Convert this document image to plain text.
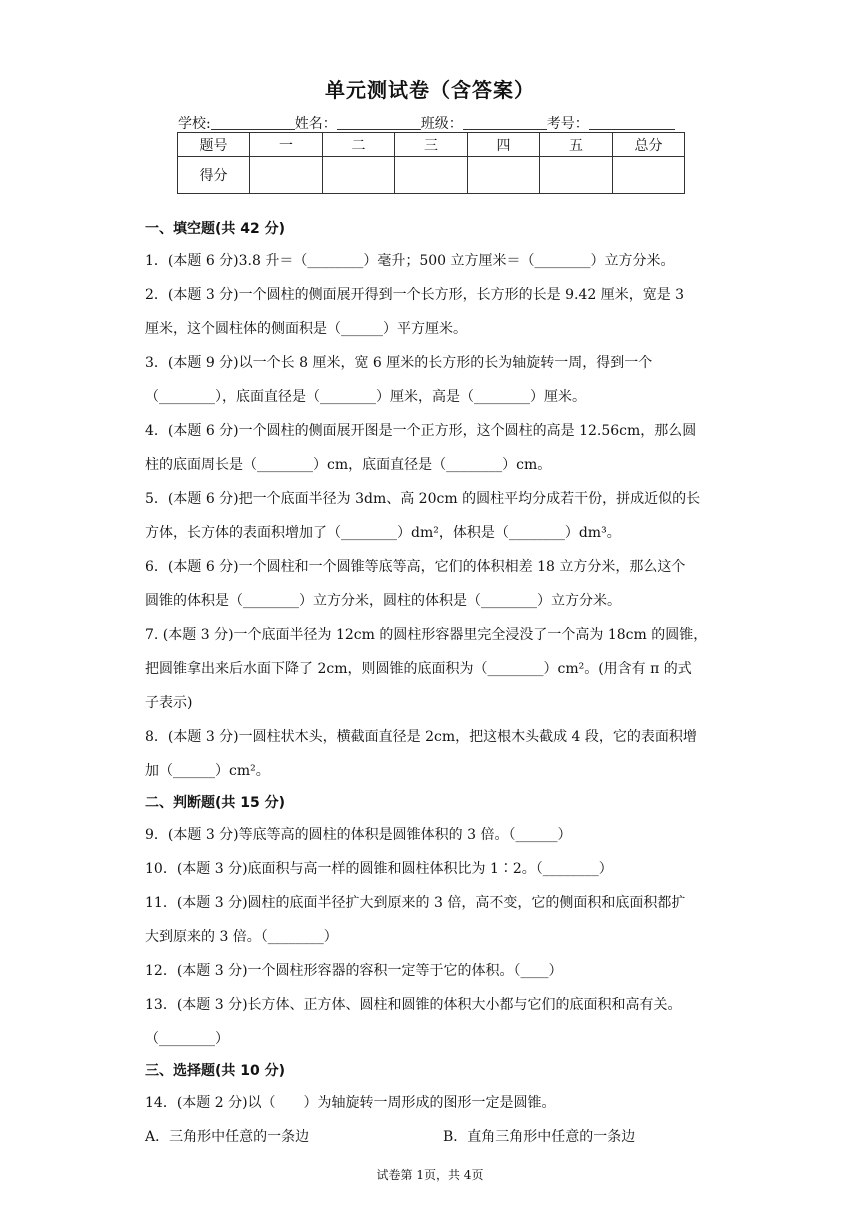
单元测试卷（含答案）
学校:	姓名：	班级：	考号：
题号	一	二	三	四	五	总分
得分						
一、填空题(共 42 分)
1．(本题 6 分)3.8 升＝（________）毫升；500 立方厘米＝（________）立方分米。
2．(本题 3 分)一个圆柱的侧面展开得到一个长方形，长方形的长是 9.42 厘米，宽是 3
厘米，这个圆柱体的侧面积是（______）平方厘米。
3．(本题 9 分)以一个长 8 厘米，宽 6 厘米的长方形的长为轴旋转一周，得到一个
（________），底面直径是（________）厘米，高是（________）厘米。
4．(本题 6 分)一个圆柱的侧面展开图是一个正方形，这个圆柱的高是 12.56cm，那么圆
柱的底面周长是（________）cm，底面直径是（________）cm。
5．(本题 6 分)把一个底面半径为 3dm、高 20cm 的圆柱平均分成若干份，拼成近似的长
方体，长方体的表面积增加了（________）dm²，体积是（________）dm³。
6．(本题 6 分)一个圆柱和一个圆锥等底等高，它们的体积相差 18 立方分米，那么这个
圆锥的体积是（________）立方分米，圆柱的体积是（________）立方分米。
7. (本题 3 分)一个底面半径为 12cm 的圆柱形容器里完全浸没了一个高为 18cm 的圆锥，
把圆锥拿出来后水面下降了 2cm，则圆锥的底面积为（________）cm²。(用含有 π 的式
子表示)
8．(本题 3 分)一圆柱状木头，横截面直径是 2cm，把这根木头截成 4 段，它的表面积增
加（______）cm²。
二、判断题(共 15 分)
9．(本题 3 分)等底等高的圆柱的体积是圆锥体积的 3 倍。（______）
10．(本题 3 分)底面积与高一样的圆锥和圆柱体积比为 1∶2。（________）
11．(本题 3 分)圆柱的底面半径扩大到原来的 3 倍，高不变，它的侧面积和底面积都扩
大到原来的 3 倍。（________）
12．(本题 3 分)一个圆柱形容器的容积一定等于它的体积。（____）
13．(本题 3 分)长方体、正方体、圆柱和圆锥的体积大小都与它们的底面积和高有关。
（________）
三、选择题(共 10 分)
14．(本题 2 分)以（　　）为轴旋转一周形成的图形一定是圆锥。
A．三角形中任意的一条边	B．直角三角形中任意的一条边
试卷第 1页，共 4页
